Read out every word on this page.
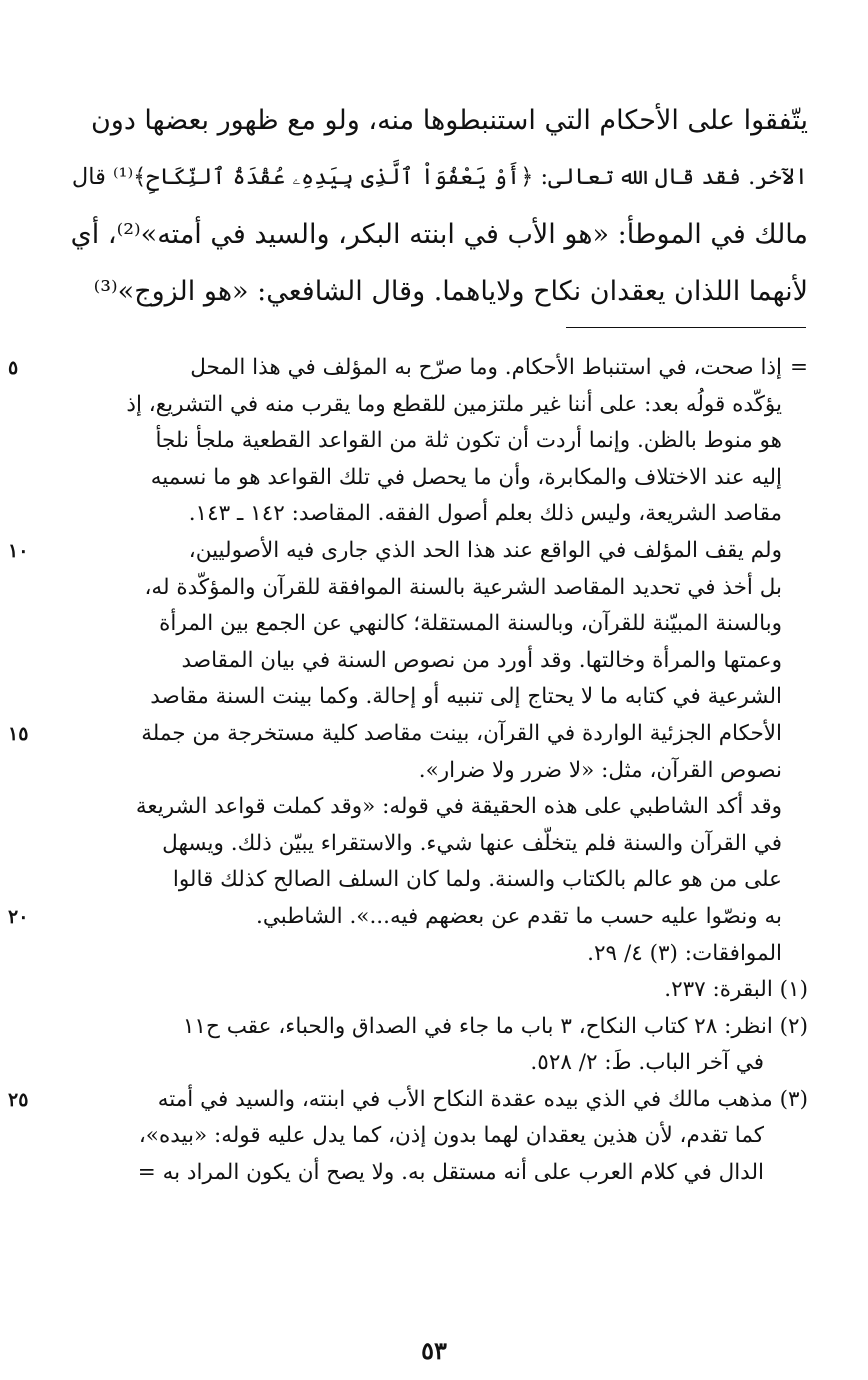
يتّفقوا على الأحكام التي استنبطوها منه، ولو مع ظهور بعضها دون
الآخر. فقد قال الله تعالى: ﴿أَوْ يَعْفُوَاْ ٱلَّذِى بِيَدِهِۦ عُقْدَةُ ٱلنِّكَاحِ﴾⁽¹⁾ قال
مالك في الموطأ: «هو الأب في ابنته البكر، والسيد في أمته»⁽²⁾، أي
لأنهما اللذان يعقدان نكاح ولاياهما. وقال الشافعي: «هو الزوج»⁽³⁾
=
إذا صحت، في استنباط الأحكام. وما صرّح به المؤلف في هذا المحل
٥
يؤكّده قولُه بعد: على أننا غير ملتزمين للقطع وما يقرب منه في التشريع، إذ
هو منوط بالظن. وإنما أردت أن تكون ثلة من القواعد القطعية ملجأ نلجأ
إليه عند الاختلاف والمكابرة، وأن ما يحصل في تلك القواعد هو ما نسميه
مقاصد الشريعة، وليس ذلك بعلم أصول الفقه. المقاصد: ١٤٢ ـ ١٤٣.
ولم يقف المؤلف في الواقع عند هذا الحد الذي جارى فيه الأصوليين،
١٠
بل أخذ في تحديد المقاصد الشرعية بالسنة الموافقة للقرآن والمؤكّدة له،
وبالسنة المبيّنة للقرآن، وبالسنة المستقلة؛ كالنهي عن الجمع بين المرأة
وعمتها والمرأة وخالتها. وقد أورد من نصوص السنة في بيان المقاصد
الشرعية في كتابه ما لا يحتاج إلى تنبيه أو إحالة. وكما بينت السنة مقاصد
الأحكام الجزئية الواردة في القرآن، بينت مقاصد كلية مستخرجة من جملة
١٥
نصوص القرآن، مثل: «لا ضرر ولا ضرار».
وقد أكد الشاطبي على هذه الحقيقة في قوله: «وقد كملت قواعد الشريعة
في القرآن والسنة فلم يتخلّف عنها شيء. والاستقراء يبيّن ذلك. ويسهل
على من هو عالم بالكتاب والسنة. ولما كان السلف الصالح كذلك قالوا
به ونصّوا عليه حسب ما تقدم عن بعضهم فيه...». الشاطبي.
٢٠
الموافقات: (٣) ٤/ ٢٩.
(١) البقرة: ٢٣٧.
(٢) انظر: ٢٨ كتاب النكاح، ٣ باب ما جاء في الصداق والحباء، عقب ح١١
في آخر الباب. طَ: ٢/ ٥٢٨.
(٣) مذهب مالك في الذي بيده عقدة النكاح الأب في ابنته، والسيد في أمته
٢٥
كما تقدم، لأن هذين يعقدان لهما بدون إذن، كما يدل عليه قوله: «بيده»،
الدال في كلام العرب على أنه مستقل به. ولا يصح أن يكون المراد به =
٥٣
